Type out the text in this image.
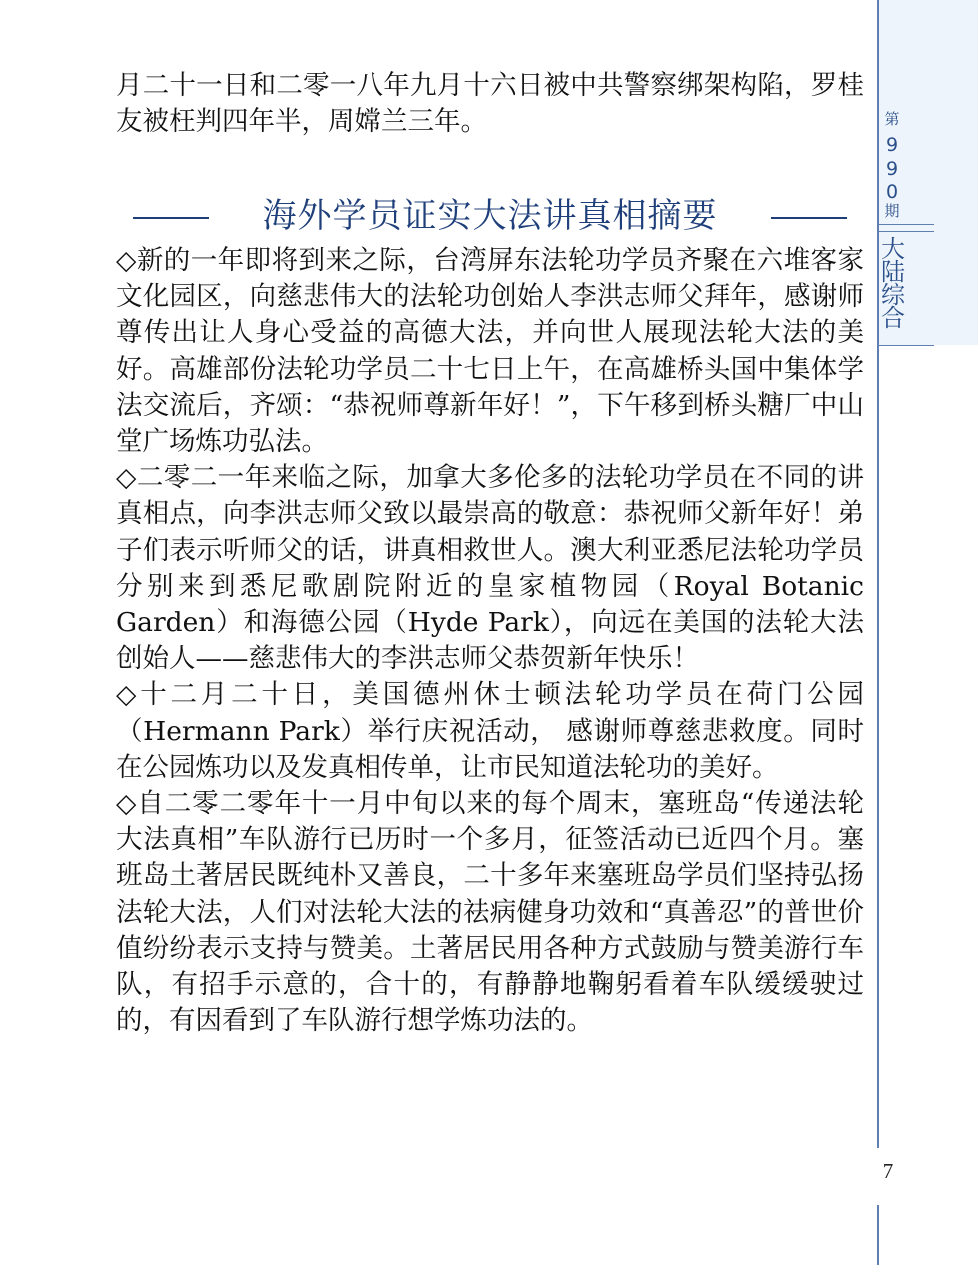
第
9
9
0
期
大
陆
综
合

月二十一日和二零一八年九月十六日被中共警察绑架构陷，罗桂友被枉判四年半，周嫦兰三年。

海外学员证实大法讲真相摘要

◇新的一年即将到来之际，台湾屏东法轮功学员齐聚在六堆客家文化园区，向慈悲伟大的法轮功创始人李洪志师父拜年，感谢师尊传出让人身心受益的高德大法，并向世人展现法轮大法的美好。高雄部份法轮功学员二十七日上午，在高雄桥头国中集体学法交流后，齐颂：“恭祝师尊新年好！”，下午移到桥头糖厂中山堂广场炼功弘法。

◇二零二一年来临之际，加拿大多伦多的法轮功学员在不同的讲真相点，向李洪志师父致以最崇高的敬意：恭祝师父新年好！弟子们表示听师父的话，讲真相救世人。澳大利亚悉尼法轮功学员分别来到悉尼歌剧院附近的皇家植物园（Royal Botanic Garden）和海德公园（Hyde Park），向远在美国的法轮大法创始人——慈悲伟大的李洪志师父恭贺新年快乐！

◇十二月二十日，美国德州休士顿法轮功学员在荷门公园（Hermann Park）举行庆祝活动， 感谢师尊慈悲救度。同时在公园炼功以及发真相传单，让市民知道法轮功的美好。

◇自二零二零年十一月中旬以来的每个周末，塞班岛“传递法轮大法真相”车队游行已历时一个多月，征签活动已近四个月。塞班岛土著居民既纯朴又善良，二十多年来塞班岛学员们坚持弘扬法轮大法，人们对法轮大法的祛病健身功效和“真善忍”的普世价值纷纷表示支持与赞美。土著居民用各种方式鼓励与赞美游行车队，有招手示意的，合十的，有静静地鞠躬看着车队缓缓驶过的，有因看到了车队游行想学炼功法的。

7
